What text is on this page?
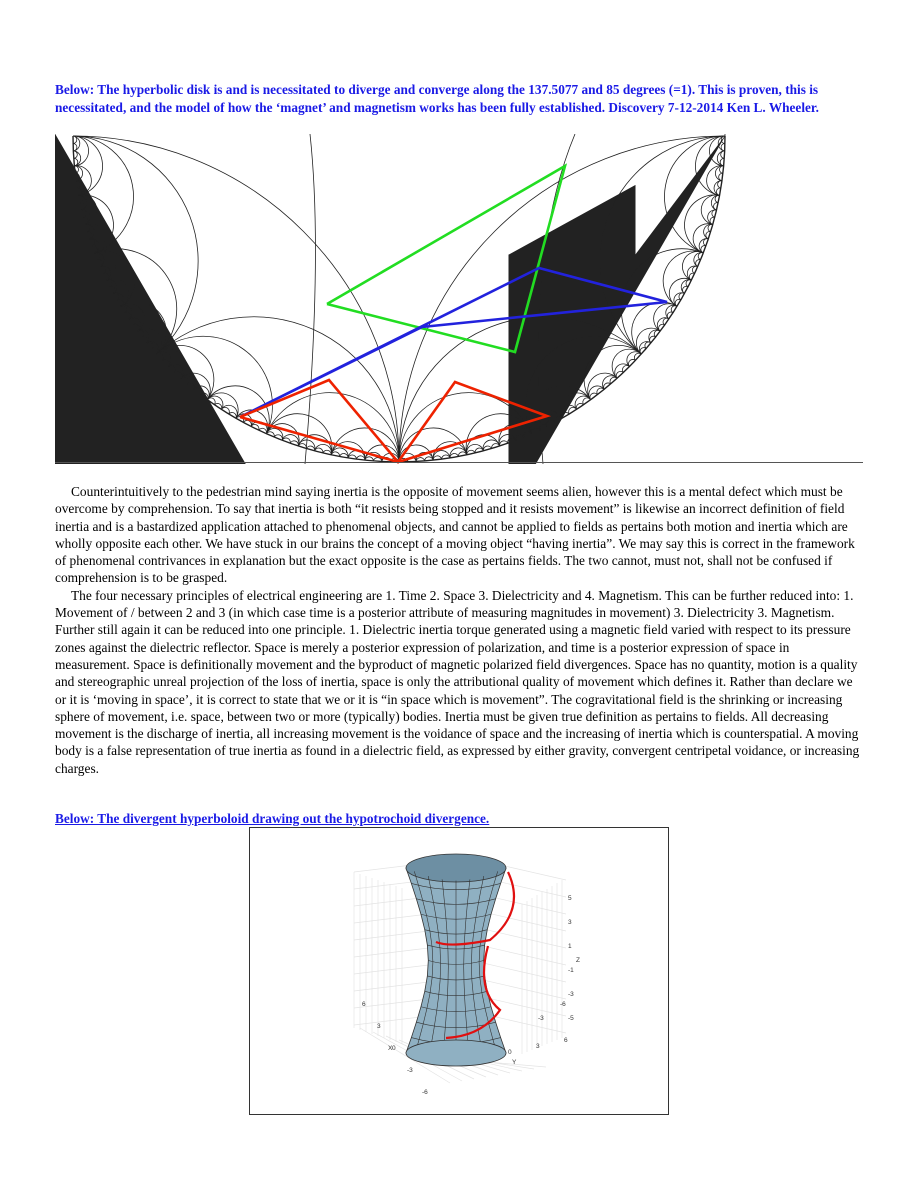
Below: The hyperbolic disk is and is necessitated to diverge and converge along the 137.5077 and 85 degrees (=1). This is proven, this is necessitated, and the model of how the ‘magnet’ and magnetism works has been fully established. Discovery 7-12-2014 Ken L. Wheeler.

Counterintuitively to the pedestrian mind saying inertia is the opposite of movement seems alien, however this is a mental defect which must be overcome by comprehension. To say that inertia is both “it resists being stopped and it resists movement” is likewise an incorrect definition of field inertia and is a bastardized application attached to phenomenal objects, and cannot be applied to fields as pertains both motion and inertia which are wholly opposite each other. We have stuck in our brains the concept of a moving object “having inertia”. We may say this is correct in the framework of phenomenal contrivances in explanation but the exact opposite is the case as pertains fields. The two cannot, must not, shall not be confused if comprehension is to be grasped.

The four necessary principles of electrical engineering are 1. Time 2. Space 3. Dielectricity and 4. Magnetism. This can be further reduced into: 1. Movement of / between 2 and 3 (in which case time is a posterior attribute of measuring magnitudes in movement) 3. Dielectricity 3. Magnetism. Further still again it can be reduced into one principle. 1. Dielectric inertia torque generated using a magnetic field varied with respect to its pressure zones against the dielectric reflector. Space is merely a posterior expression of polarization, and time is a posterior expression of space in measurement. Space is definitionally movement and the byproduct of magnetic polarized field divergences. Space has no quantity, motion is a quality and stereographic unreal projection of the loss of inertia, space is only the attributional quality of movement which defines it. Rather than declare we or it is ‘moving in space’, it is correct to state that we or it is “in space which is movement”. The cogravitational field is the shrinking or increasing sphere of movement, i.e. space, between two or more (typically) bodies. Inertia must be given true definition as pertains to fields. All decreasing movement is the discharge of inertia, all increasing movement is the voidance of space and the increasing of inertia which is counterspatial. A moving body is a false representation of true inertia as found in a dielectric field, as expressed by either gravity, convergent centripetal voidance, or increasing charges.

Below: The divergent hyperboloid drawing out the hypotrochoid divergence.

5
3
1
-1
-3
-5
Z
6
3
0
-3
-6
X
0
3
6
Y
-3
-6
